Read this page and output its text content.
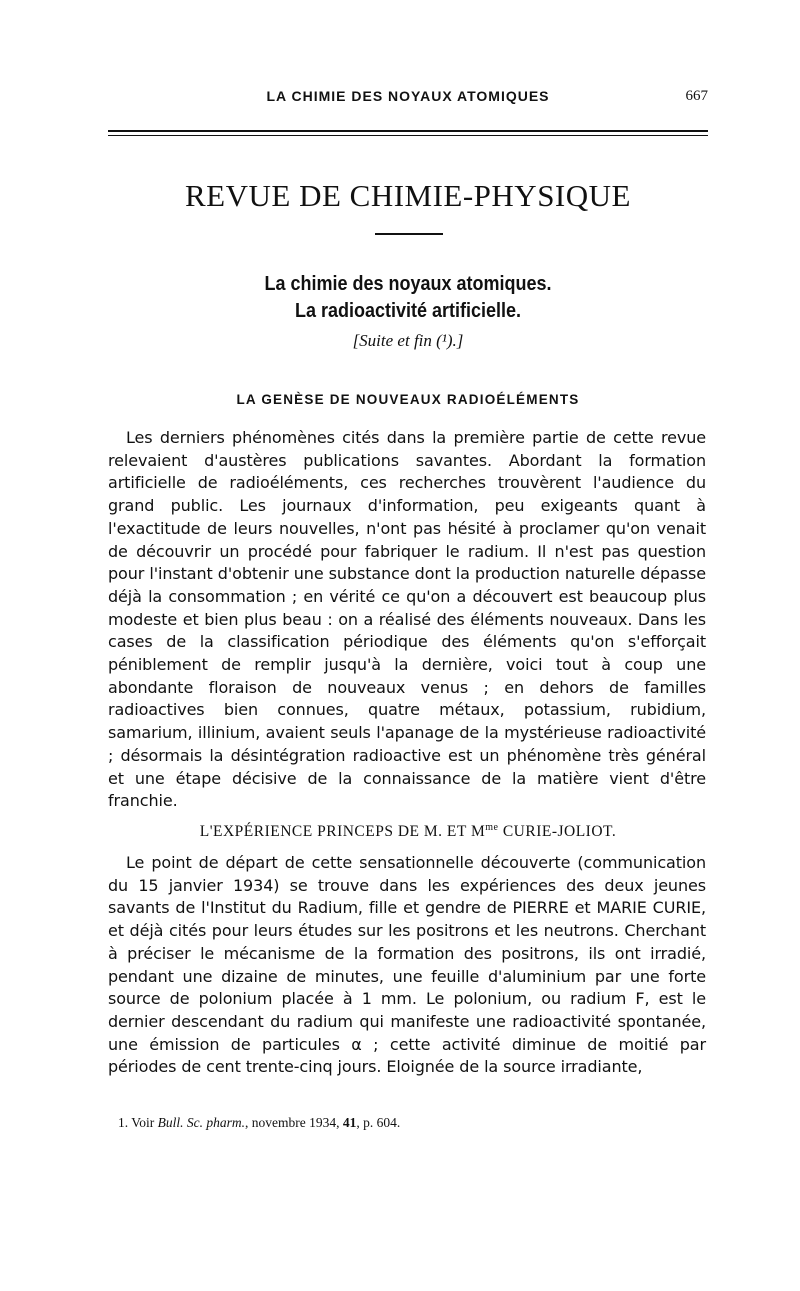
LA CHIMIE DES NOYAUX ATOMIQUES	667
REVUE DE CHIMIE-PHYSIQUE
La chimie des noyaux atomiques.
La radioactivité artificielle.
[Suite et fin (¹).]
LA GENÈSE DE NOUVEAUX RADIOÉLÉMENTS
Les derniers phénomènes cités dans la première partie de cette revue relevaient d'austères publications savantes. Abordant la formation artificielle de radioéléments, ces recherches trouvèrent l'audience du grand public. Les journaux d'information, peu exigeants quant à l'exactitude de leurs nouvelles, n'ont pas hésité à proclamer qu'on venait de découvrir un procédé pour fabriquer le radium. Il n'est pas question pour l'instant d'obtenir une substance dont la production naturelle dépasse déjà la consommation ; en vérité ce qu'on a découvert est beaucoup plus modeste et bien plus beau : on a réalisé des éléments nouveaux. Dans les cases de la classification périodique des éléments qu'on s'efforçait péniblement de remplir jusqu'à la dernière, voici tout à coup une abondante floraison de nouveaux venus ; en dehors de familles radioactives bien connues, quatre métaux, potassium, rubidium, samarium, illinium, avaient seuls l'apanage de la mystérieuse radioactivité ; désormais la désintégration radioactive est un phénomène très général et une étape décisive de la connaissance de la matière vient d'être franchie.
L'EXPÉRIENCE PRINCEPS DE M. ET $M^{me}$ CURIE-JOLIOT.
Le point de départ de cette sensationnelle découverte (communication du 15 janvier 1934) se trouve dans les expériences des deux jeunes savants de l'Institut du Radium, fille et gendre de PIERRE et MARIE CURIE, et déjà cités pour leurs études sur les positrons et les neutrons. Cherchant à préciser le mécanisme de la formation des positrons, ils ont irradié, pendant une dizaine de minutes, une feuille d'aluminium par une forte source de polonium placée à 1 mm. Le polonium, ou radium F, est le dernier descendant du radium qui manifeste une radioactivité spontanée, une émission de particules α ; cette activité diminue de moitié par périodes de cent trente-cinq jours. Eloignée de la source irradiante,
1. Voir Bull. Sc. pharm., novembre 1934, 41, p. 604.
